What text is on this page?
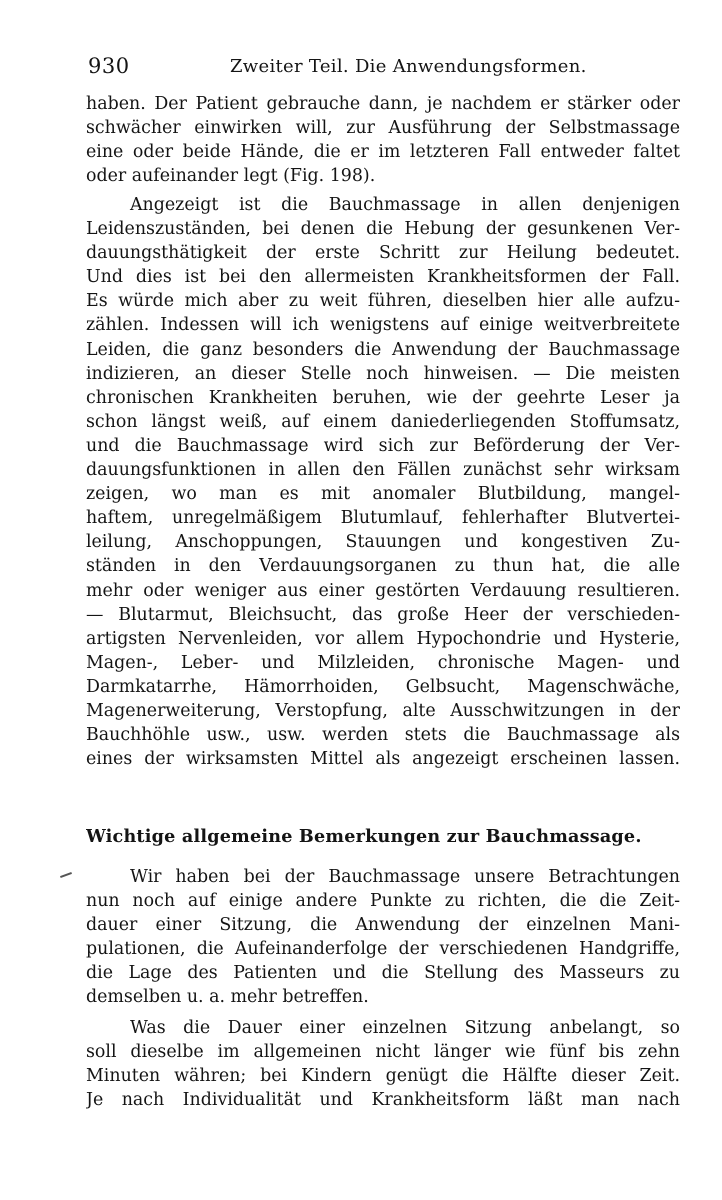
930	Zweiter Teil. Die Anwendungsformen.
haben. Der Patient gebrauche dann, je nachdem er stärker oder
schwächer einwirken will, zur Ausführung der Selbstmassage
eine oder beide Hände, die er im letzteren Fall entweder faltet
oder aufeinander legt (Fig. 198).
Angezeigt ist die Bauchmassage in allen denjenigen
Leidenszuständen, bei denen die Hebung der gesunkenen Ver-
dauungsthätigkeit der erste Schritt zur Heilung bedeutet.
Und dies ist bei den allermeisten Krankheitsformen der Fall.
Es würde mich aber zu weit führen, dieselben hier alle aufzu-
zählen. Indessen will ich wenigstens auf einige weitverbreitete
Leiden, die ganz besonders die Anwendung der Bauchmassage
indizieren, an dieser Stelle noch hinweisen. — Die meisten
chronischen Krankheiten beruhen, wie der geehrte Leser ja
schon längst weiß, auf einem daniederliegenden Stoffumsatz,
und die Bauchmassage wird sich zur Beförderung der Ver-
dauungsfunktionen in allen den Fällen zunächst sehr wirksam
zeigen, wo man es mit anomaler Blutbildung, mangel-
haftem, unregelmäßigem Blutumlauf, fehlerhafter Blutvertei-
leilung, Anschoppungen, Stauungen und kongestiven Zu-
ständen in den Verdauungsorganen zu thun hat, die alle
mehr oder weniger aus einer gestörten Verdauung resultieren.
— Blutarmut, Bleichsucht, das große Heer der verschieden-
artigsten Nervenleiden, vor allem Hypochondrie und Hysterie,
Magen-, Leber- und Milzleiden, chronische Magen- und
Darmkatarrhe, Hämorrhoiden, Gelbsucht, Magenschwäche,
Magenerweiterung, Verstopfung, alte Ausschwitzungen in der
Bauchhöhle usw., usw. werden stets die Bauchmassage als
eines der wirksamsten Mittel als angezeigt erscheinen lassen.
Wichtige allgemeine Bemerkungen zur Bauchmassage.
Wir haben bei der Bauchmassage unsere Betrachtungen
nun noch auf einige andere Punkte zu richten, die die Zeit-
dauer einer Sitzung, die Anwendung der einzelnen Mani-
pulationen, die Aufeinanderfolge der verschiedenen Handgriffe,
die Lage des Patienten und die Stellung des Masseurs zu
demselben u. a. mehr betreffen.
Was die Dauer einer einzelnen Sitzung anbelangt, so
soll dieselbe im allgemeinen nicht länger wie fünf bis zehn
Minuten währen; bei Kindern genügt die Hälfte dieser Zeit.
Je nach Individualität und Krankheitsform läßt man nach
